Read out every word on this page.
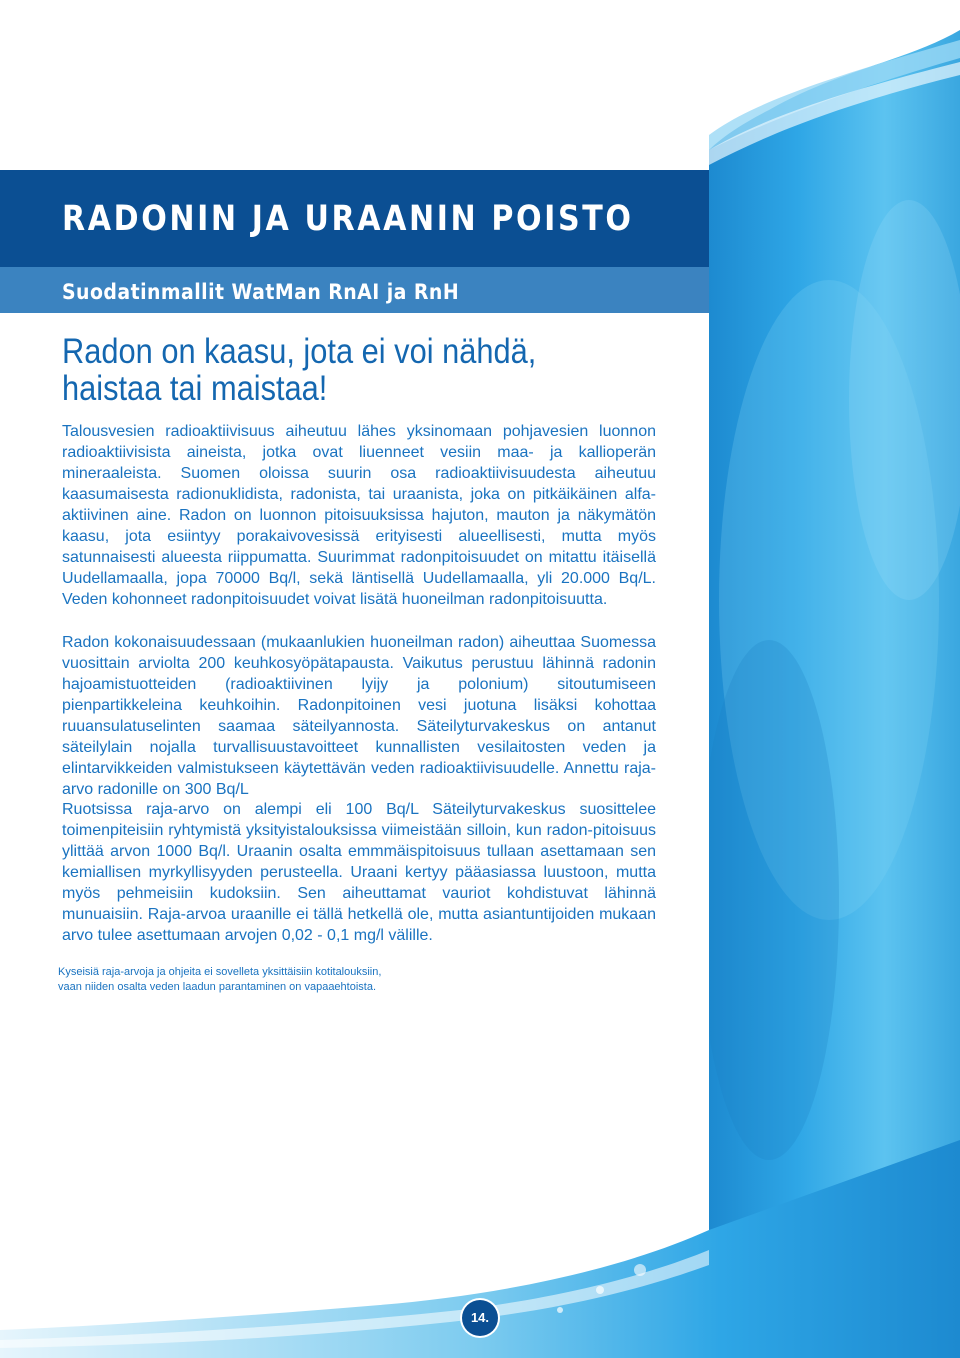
RADONIN JA URAANIN POISTO
Suodatinmallit WatMan RnAI ja RnH
Radon on kaasu, jota ei voi nähdä, haistaa tai maistaa!

Talousvesien radioaktiivisuus aiheutuu lähes yksinomaan pohjavesien luonnon radioaktiivisista aineista, jotka ovat liuenneet vesiin maa- ja kallioperän mineraaleista. Suomen oloissa suurin osa radioaktiivisuudesta aiheutuu kaasumaisesta radionuklidista, radonista, tai uraanista, joka on pitkäikäinen alfa-aktiivinen aine. Radon on luonnon pitoisuuksissa hajuton, mauton ja näkymätön kaasu, jota esiintyy porakaivovesissä erityisesti alueellisesti, mutta myös satunnaisesti alueesta riippumatta. Suurimmat radonpitoisuudet on mitattu itäisellä Uudellamaalla, jopa 70000 Bq/l, sekä läntisellä Uudellamaalla, yli 20.000 Bq/L. Veden kohonneet radonpitoisuudet voivat lisätä huoneilman radonpitoisuutta.

Radon kokonaisuudessaan (mukaanlukien huoneilman radon) aiheuttaa Suomessa vuosittain arviolta 200 keuhkosyöpätapausta. Vaikutus perustuu lähinnä radonin hajoamistuotteiden (radioaktiivinen lyijy ja polonium) sitoutumiseen pienpartikkeleina keuhkoihin. Radonpitoinen vesi juotuna lisäksi kohottaa ruuansulatuselinten saamaa säteilyannosta. Säteilyturvakeskus on antanut säteilylain nojalla turvallisuustavoitteet kunnallisten vesilaitosten veden ja elintarvikkeiden valmistukseen käytettävän veden radioaktiivisuudelle. Annettu raja-arvo radonille on 300 Bq/L

Ruotsissa raja-arvo on alempi eli 100 Bq/L Säteilyturvakeskus suosittelee toimenpiteisiin ryhtymistä yksityistalouksissa viimeistään silloin, kun radon-pitoisuus ylittää arvon 1000 Bq/l. Uraanin osalta emmmäispitoisuus tullaan asettamaan sen kemiallisen myrkyllisyyden perusteella. Uraani kertyy pääasiassa luustoon, mutta myös pehmeisiin kudoksiin. Sen aiheuttamat vauriot kohdistuvat lähinnä munuaisiin. Raja-arvoa uraanille ei tällä hetkellä ole, mutta asiantuntijoiden mukaan arvo tulee asettumaan arvojen 0,02 - 0,1 mg/l välille.

Kyseisiä raja-arvoja ja ohjeita ei sovelleta yksittäisiin kotitalouksiin,
vaan niiden osalta veden laadun parantaminen on vapaaehtoista.
14.
